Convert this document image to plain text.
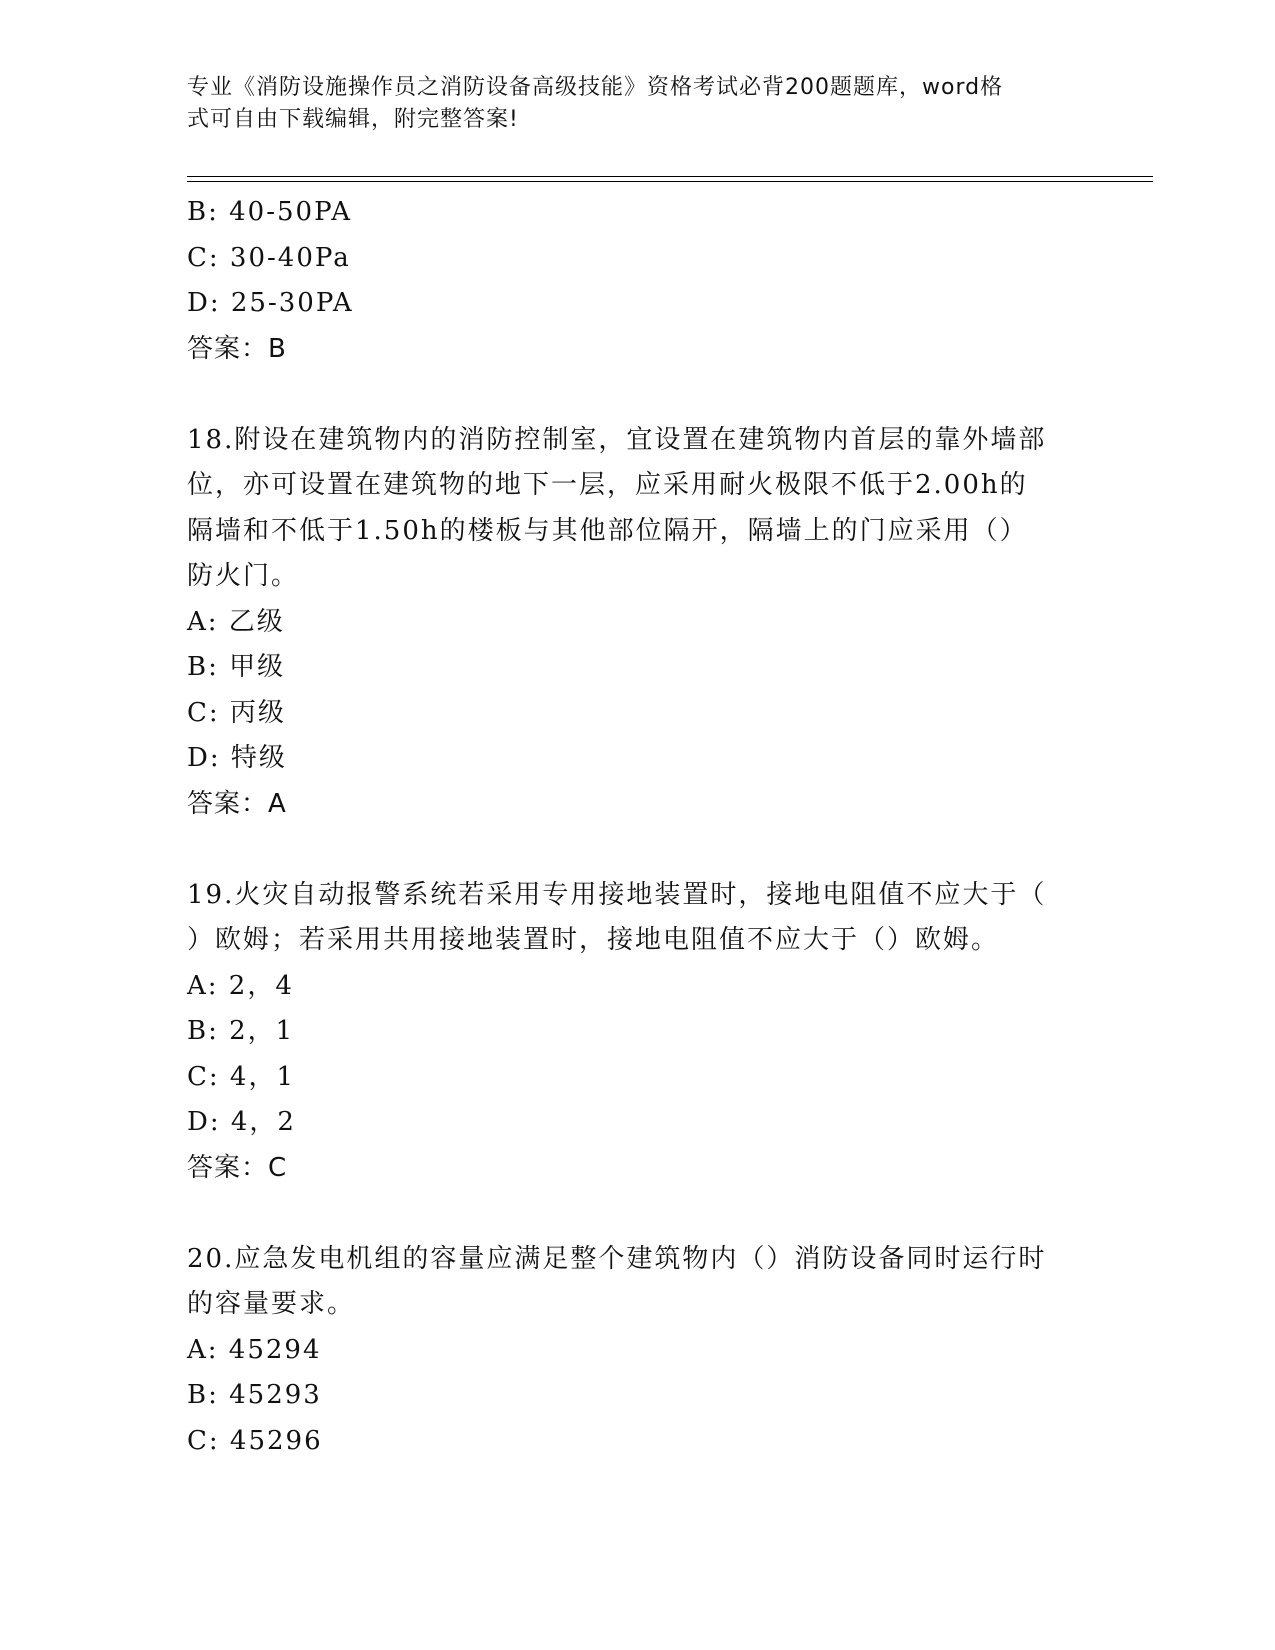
专业《消防设施操作员之消防设备高级技能》资格考试必背200题题库，word格
式可自由下载编辑，附完整答案!
B: 40-50PA
C: 30-40Pa
D: 25-30PA
答案：B
18.附设在建筑物内的消防控制室，宜设置在建筑物内首层的靠外墙部
位，亦可设置在建筑物的地下一层，应采用耐火极限不低于2.00h的
隔墙和不低于1.50h的楼板与其他部位隔开，隔墙上的门应采用（）
防火门。
A: 乙级
B: 甲级
C: 丙级
D: 特级
答案：A
19.火灾自动报警系统若采用专用接地装置时，接地电阻值不应大于（
）欧姆；若采用共用接地装置时，接地电阻值不应大于（）欧姆。
A: 2，4
B: 2，1
C: 4，1
D: 4，2
答案：C
20.应急发电机组的容量应满足整个建筑物内（）消防设备同时运行时
的容量要求。
A: 45294
B: 45293
C: 45296
